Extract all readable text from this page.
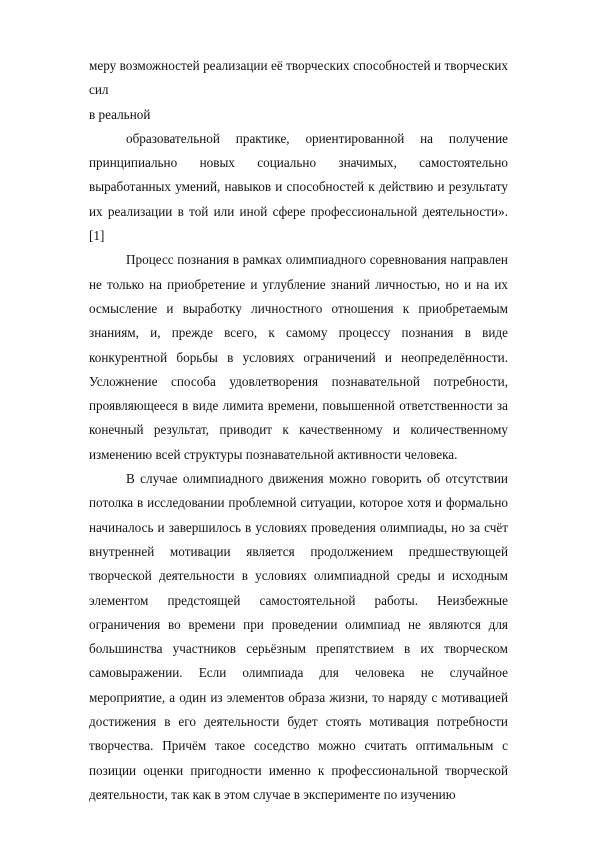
меру возможностей реализации её творческих способностей и творческих сил

в реальной

образовательной практике, ориентированной на получение принципиально новых социально значимых, самостоятельно выработанных умений, навыков и способностей к действию и результату их реализации в той или иной сфере профессиональной деятельности». [1]

Процесс познания в рамках олимпиадного соревнования направлен не только на приобретение и углубление знаний личностью, но и на их осмысление и выработку личностного отношения к приобретаемым знаниям, и, прежде всего, к самому процессу познания в виде конкурентной борьбы в условиях ограничений и неопределённости. Усложнение способа удовлетворения познавательной потребности, проявляющееся в виде лимита времени, повышенной ответственности за конечный результат, приводит к качественному и количественному изменению всей структуры познавательной активности человека.

В случае олимпиадного движения можно говорить об отсутствии потолка в исследовании проблемной ситуации, которое хотя и формально начиналось и завершилось в условиях проведения олимпиады, но за счёт внутренней мотивации является продолжением предшествующей творческой деятельности в условиях олимпиадной среды и исходным элементом предстоящей самостоятельной работы. Неизбежные ограничения во времени при проведении олимпиад не являются для большинства участников серьёзным препятствием в их творческом самовыражении. Если олимпиада для человека не случайное мероприятие, а один из элементов образа жизни, то наряду с мотивацией достижения в его деятельности будет стоять мотивация потребности творчества. Причём такое соседство можно считать оптимальным с позиции оценки пригодности именно к профессиональной творческой деятельности, так как в этом случае в эксперименте по изучению
